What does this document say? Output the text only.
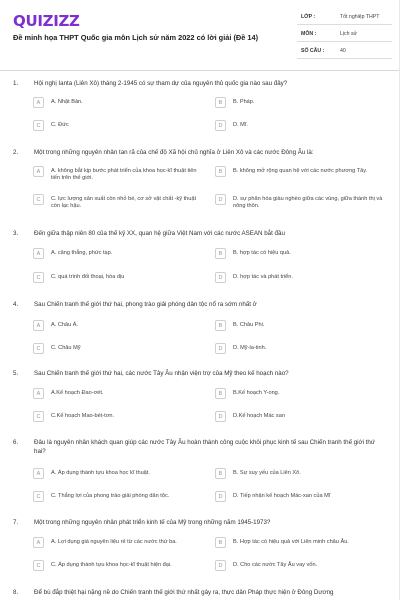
QUIZIZZ
Đề minh họa THPT Quốc gia môn Lịch sử năm 2022 có lời giải (Đề 14)
LỚP :	Tốt nghiệp THPT
MÔN :	Lịch sử
SỐ CÂU :	40
1.	Hội nghị Ianta (Liên Xô) tháng 2-1945 có sự tham dự của nguyên thủ quốc gia nào sau đây?
A	A. Nhật Bản.	B	B. Pháp.
C	C. Đức	D	D. Mĩ.
2.	Một trong những nguyên nhân tan rã của chế độ Xã hội chủ nghĩa ở Liên Xô và các nước Đông Âu là:
A	A. không bắt kịp bước phát triển của khoa học-kĩ thuật tiên tiến trên thế giới.
B	B. không mở rộng quan hệ với các nước phương Tây.
C	C. lực lượng sản xuất còn nhỏ bé, cơ sở vật chất -kỹ thuật còn lạc hậu.
D	D. sự phân hóa giàu nghèo giữa các vùng, giữa thành thị và nông thôn.
3.	Đến giữa thập niên 80 của thế kỷ XX, quan hệ giữa Việt Nam với các nước ASEAN bắt đầu
A	A. căng thẳng, phức tạp.	B	B. hợp tác có hiệu quả.
C	C. quá trình đối thoại, hòa dịu	D	D. hợp tác và phát triển.
4.	Sau Chiến tranh thế giới thứ hai, phong trào giải phóng dân tộc nổ ra sớm nhất ở
A	A. Châu Á.	B	B. Châu Phi.
C	C. Châu Mỹ	D	D. Mỹ-la-tinh.
5.	Sau Chiến tranh thế giới thứ hai, các nước Tây Âu nhận viện trợ của Mỹ theo kế hoạch nào?
A	A.Kế hoạch Đao-ơét.	B	B.Kế hoạch Y-ong.
C	C.Kế hoạch Mao-bét-tơn.	D	D.Kế hoạch Mác san
6.	Đâu là nguyên nhân khách quan giúp các nước Tây Âu hoàn thành công cuộc khôi phục kinh tế sau Chiến tranh thế giới thứ hai?
A	A. Áp dụng thành tựu khoa học kĩ thuật.	B	B. Sự suy yếu của Liên Xô.
C	C. Thắng lợi của phong trào giải phóng dân tộc.	D	D. Tiếp nhận kế hoạch Mác-xan của Mĩ
7.	Một trong những nguyên nhân phát triển kinh tế của Mỹ trong những năm 1945-1973?
A	A. Lợi dụng giá nguyên liệu rẻ từ các nước thứ ba.	B	B. Hợp tác có hiệu quả với Liên minh châu Âu.
C	C. Áp dụng thành tựu khoa học-kĩ thuật hiện đại.	D	D. Cho các nước Tây Âu vay vốn.
8.	Để bù đắp thiệt hại nặng nề do Chiến tranh thế giới thứ nhất gây ra, thực dân Pháp thực hiện ở Đông Dương
